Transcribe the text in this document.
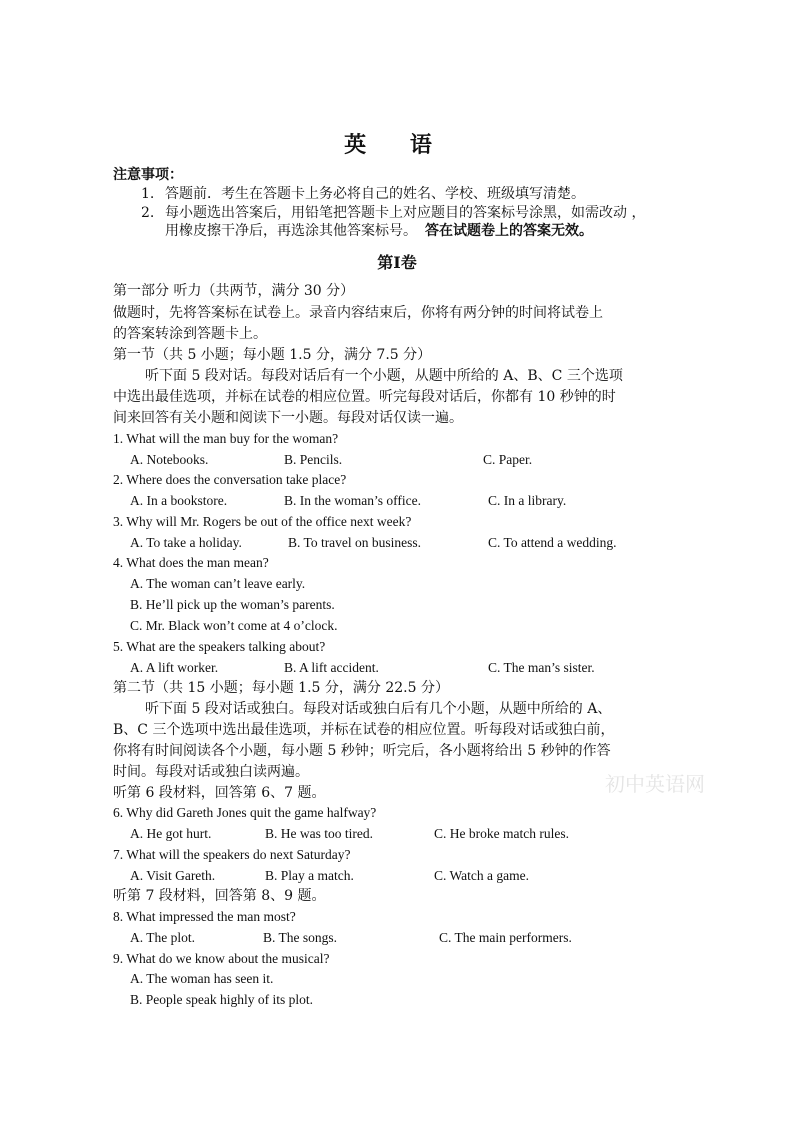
英 语
注意事项：
1. 答题前．考生在答题卡上务必将自己的姓名、学校、班级填写清楚。
2. 每小题选出答案后，用铅笔把答题卡上对应题目的答案标号涂黑，如需改动 ，
用橡皮擦干净后，再选涂其他答案标号。 答在试题卷上的答案无效。
第Ⅰ卷
第一部分 听力（共两节，满分 30 分）
做题时，先将答案标在试卷上。录音内容结束后，你将有两分钟的时间将试卷上
的答案转涂到答题卡上。
第一节（共 5 小题；每小题 1.5 分，满分 7.5 分）
听下面 5 段对话。每段对话后有一个小题，从题中所给的 A、B、C 三个选项
中选出最佳选项，并标在试卷的相应位置。听完每段对话后，你都有 10 秒钟的时
间来回答有关小题和阅读下一小题。每段对话仅读一遍。
1. What will the man buy for the woman?
A. Notebooks.	B. Pencils.	C. Paper.
2. Where does the conversation take place?
A. In a bookstore.	B. In the woman’s office.	C. In a library.
3. Why will Mr. Rogers be out of the office next week?
A. To take a holiday.	B. To travel on business.	C. To attend a wedding.
4. What does the man mean?
A. The woman can’t leave early.
B. He’ll pick up the woman’s parents.
C. Mr. Black won’t come at 4 o’clock.
5. What are the speakers talking about?
A. A lift worker.	B. A lift accident.	C. The man’s sister.
第二节（共 15 小题；每小题 1.5 分，满分 22.5 分）
听下面 5 段对话或独白。每段对话或独白后有几个小题，从题中所给的 A、
B、C 三个选项中选出最佳选项，并标在试卷的相应位置。听每段对话或独白前，
你将有时间阅读各个小题，每小题 5 秒钟；听完后，各小题将给出 5 秒钟的作答
时间。每段对话或独白读两遍。
听第 6 段材料，回答第 6、7 题。
6. Why did Gareth Jones quit the game halfway?
A. He got hurt.	B. He was too tired.	C. He broke match rules.
7. What will the speakers do next Saturday?
A. Visit Gareth.	B. Play a match.	C. Watch a game.
听第 7 段材料，回答第 8、9 题。
8. What impressed the man most?
A. The plot.	B. The songs.	C. The main performers.
9. What do we know about the musical?
A. The woman has seen it.
B. People speak highly of its plot.
初中英语网
